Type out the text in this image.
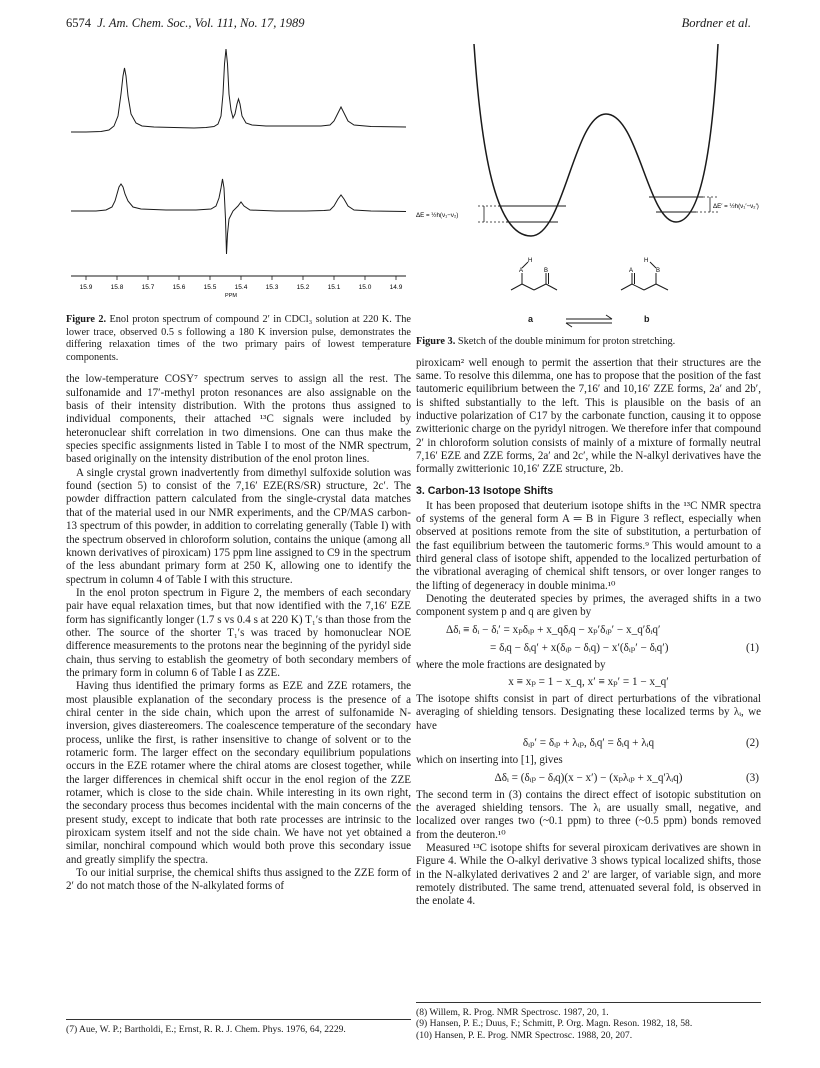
6574 J. Am. Chem. Soc., Vol. 111, No. 17, 1989	Bordner et al.
15.9	15.8	15.7	15.6	15.5	15.4	15.3	15.2	15.1	15.0	14.9
PPM

Figure 2. Enol proton spectrum of compound 2′ in CDCl₃ solution at 220 K. The lower trace, observed 0.5 s following a 180 K inversion pulse, demonstrates the differing relaxation times of the two primary pairs of lowest temperature components.

the low-temperature COSY⁷ spectrum serves to assign all the rest. The sulfonamide and 17′-methyl proton resonances are also assignable on the basis of their intensity distribution. With the protons thus assigned to individual components, their attached ¹³C signals were included by heteronuclear shift correlation in two dimensions. One can thus make the species specific assignments listed in Table I to most of the NMR spectrum, based originally on the intensity distribution of the enol proton lines.

A single crystal grown inadvertently from dimethyl sulfoxide solution was found (section 5) to consist of the 7,16′ EZE(RS/SR) structure, 2c′. The powder diffraction pattern calculated from the single-crystal data matches that of the material used in our NMR experiments, and the CP/MAS carbon-13 spectrum of this powder, in addition to correlating generally (Table I) with the spectrum observed in chloroform solution, contains the unique (among all known derivatives of piroxicam) 175 ppm line assigned to C9 in the spectrum of the less abundant primary form at 250 K, allowing one to identify the spectrum in column 4 of Table I with this structure.

In the enol proton spectrum in Figure 2, the members of each secondary pair have equal relaxation times, but that now identified with the 7,16′ EZE form has significantly longer (1.7 s vs 0.4 s at 220 K) T₁′s than those from the other. The source of the shorter T₁′s was traced by homonuclear NOE difference measurements to the protons near the beginning of the pyridyl side chain, thus serving to establish the geometry of both secondary members of the primary form in column 6 of Table I as ZZE.

Having thus identified the primary forms as EZE and ZZE rotamers, the most plausible explanation of the secondary process is the presence of a chiral center in the side chain, which upon the arrest of sulfonamide N-inversion, gives diastereomers. The coalescence temperature of the secondary process, unlike the first, is rather insensitive to change of solvent or to the rotameric form. The larger effect on the secondary equilibrium populations occurs in the EZE rotamer where the chiral atoms are closest together, while the larger differences in chemical shift occur in the enol region of the ZZE rotamer, which is close to the side chain. While interesting in its own right, the secondary process thus becomes incidental with the main concerns of the present study, except to indicate that both rate processes are intrinsic to the piroxicam system itself and not the side chain. We have not yet obtained a similar, nonchiral compound which would both prove this secondary issue and greatly simplify the spectra.

To our initial surprise, the chemical shifts thus assigned to the ZZE form of 2′ do not match those of the N-alkylated forms of

(7) Aue, W. P.; Bartholdi, E.; Ernst, R. R. J. Chem. Phys. 1976, 64, 2229.

ΔE = ½h(ν₁−ν₂)
ΔE′ = ½h(ν₁′−ν₂′)
A	B
H
A	B
H
a	b

Figure 3. Sketch of the double minimum for proton stretching.

piroxicam² well enough to permit the assertion that their structures are the same. To resolve this dilemma, one has to propose that the position of the fast tautomeric equilibrium between the 7,16′ and 10,16′ ZZE forms, 2a′ and 2b′, is shifted substantially to the left. This is plausible on the basis of an inductive polarization of C17 by the carbonate function, causing it to oppose zwitterionic charge on the pyridyl nitrogen. We therefore infer that compound 2′ in chloroform solution consists of mainly of a mixture of formally neutral 7,16′ EZE and ZZE forms, 2a′ and 2c′, while the N-alkyl derivatives have the formally zwitterionic 10,16′ ZZE structure, 2b.

3. Carbon-13 Isotope Shifts

It has been proposed that deuterium isotope shifts in the ¹³C NMR spectra of systems of the general form A ═ B in Figure 3 reflect, especially when observed at positions remote from the site of substitution, a perturbation of the fast equilibrium between the tautomeric forms.⁹ This would amount to a third general class of isotope shift, appended to the localized perturbation of the vibrational averaging of chemical shift tensors, or over longer ranges to the lifting of degeneracy in double minima.¹⁰

Denoting the deuterated species by primes, the averaged shifts in a two component system p and q are given by

Δδᵢ ≡ δᵢ − δᵢ′ = xₚδᵢₚ + x_qδᵢq − xₚ′δᵢₚ′ − x_q′δᵢq′
= δᵢq − δᵢq′ + x(δᵢₚ − δᵢq) − x′(δᵢₚ′ − δᵢq′)	(1)

where the mole fractions are designated by

x ≡ xₚ = 1 − x_q, x′ ≡ xₚ′ = 1 − x_q′

The isotope shifts consist in part of direct perturbations of the vibrational averaging of shielding tensors. Designating these localized terms by λᵢ, we have

δᵢₚ′ = δᵢₚ + λᵢₚ, δᵢq′ = δᵢq + λᵢq	(2)

which on inserting into [1], gives

Δδᵢ = (δᵢₚ − δᵢq)(x − x′) − (xₚλᵢₚ + x_q′λᵢq)	(3)

The second term in (3) contains the direct effect of isotopic substitution on the averaged shielding tensors. The λᵢ are usually small, negative, and localized over ranges two (~0.1 ppm) to three (~0.5 ppm) bonds removed from the deuteron.¹⁰

Measured ¹³C isotope shifts for several piroxicam derivatives are shown in Figure 4. While the O-alkyl derivative 3 shows typical localized shifts, those in the N-alkylated derivatives 2 and 2′ are larger, of variable sign, and more remotely distributed. The same trend, attenuated several fold, is observed in the enolate 4.

(8) Willem, R. Prog. NMR Spectrosc. 1987, 20, 1.

(9) Hansen, P. E.; Duus, F.; Schmitt, P. Org. Magn. Reson. 1982, 18, 58.

(10) Hansen, P. E. Prog. NMR Spectrosc. 1988, 20, 207.
